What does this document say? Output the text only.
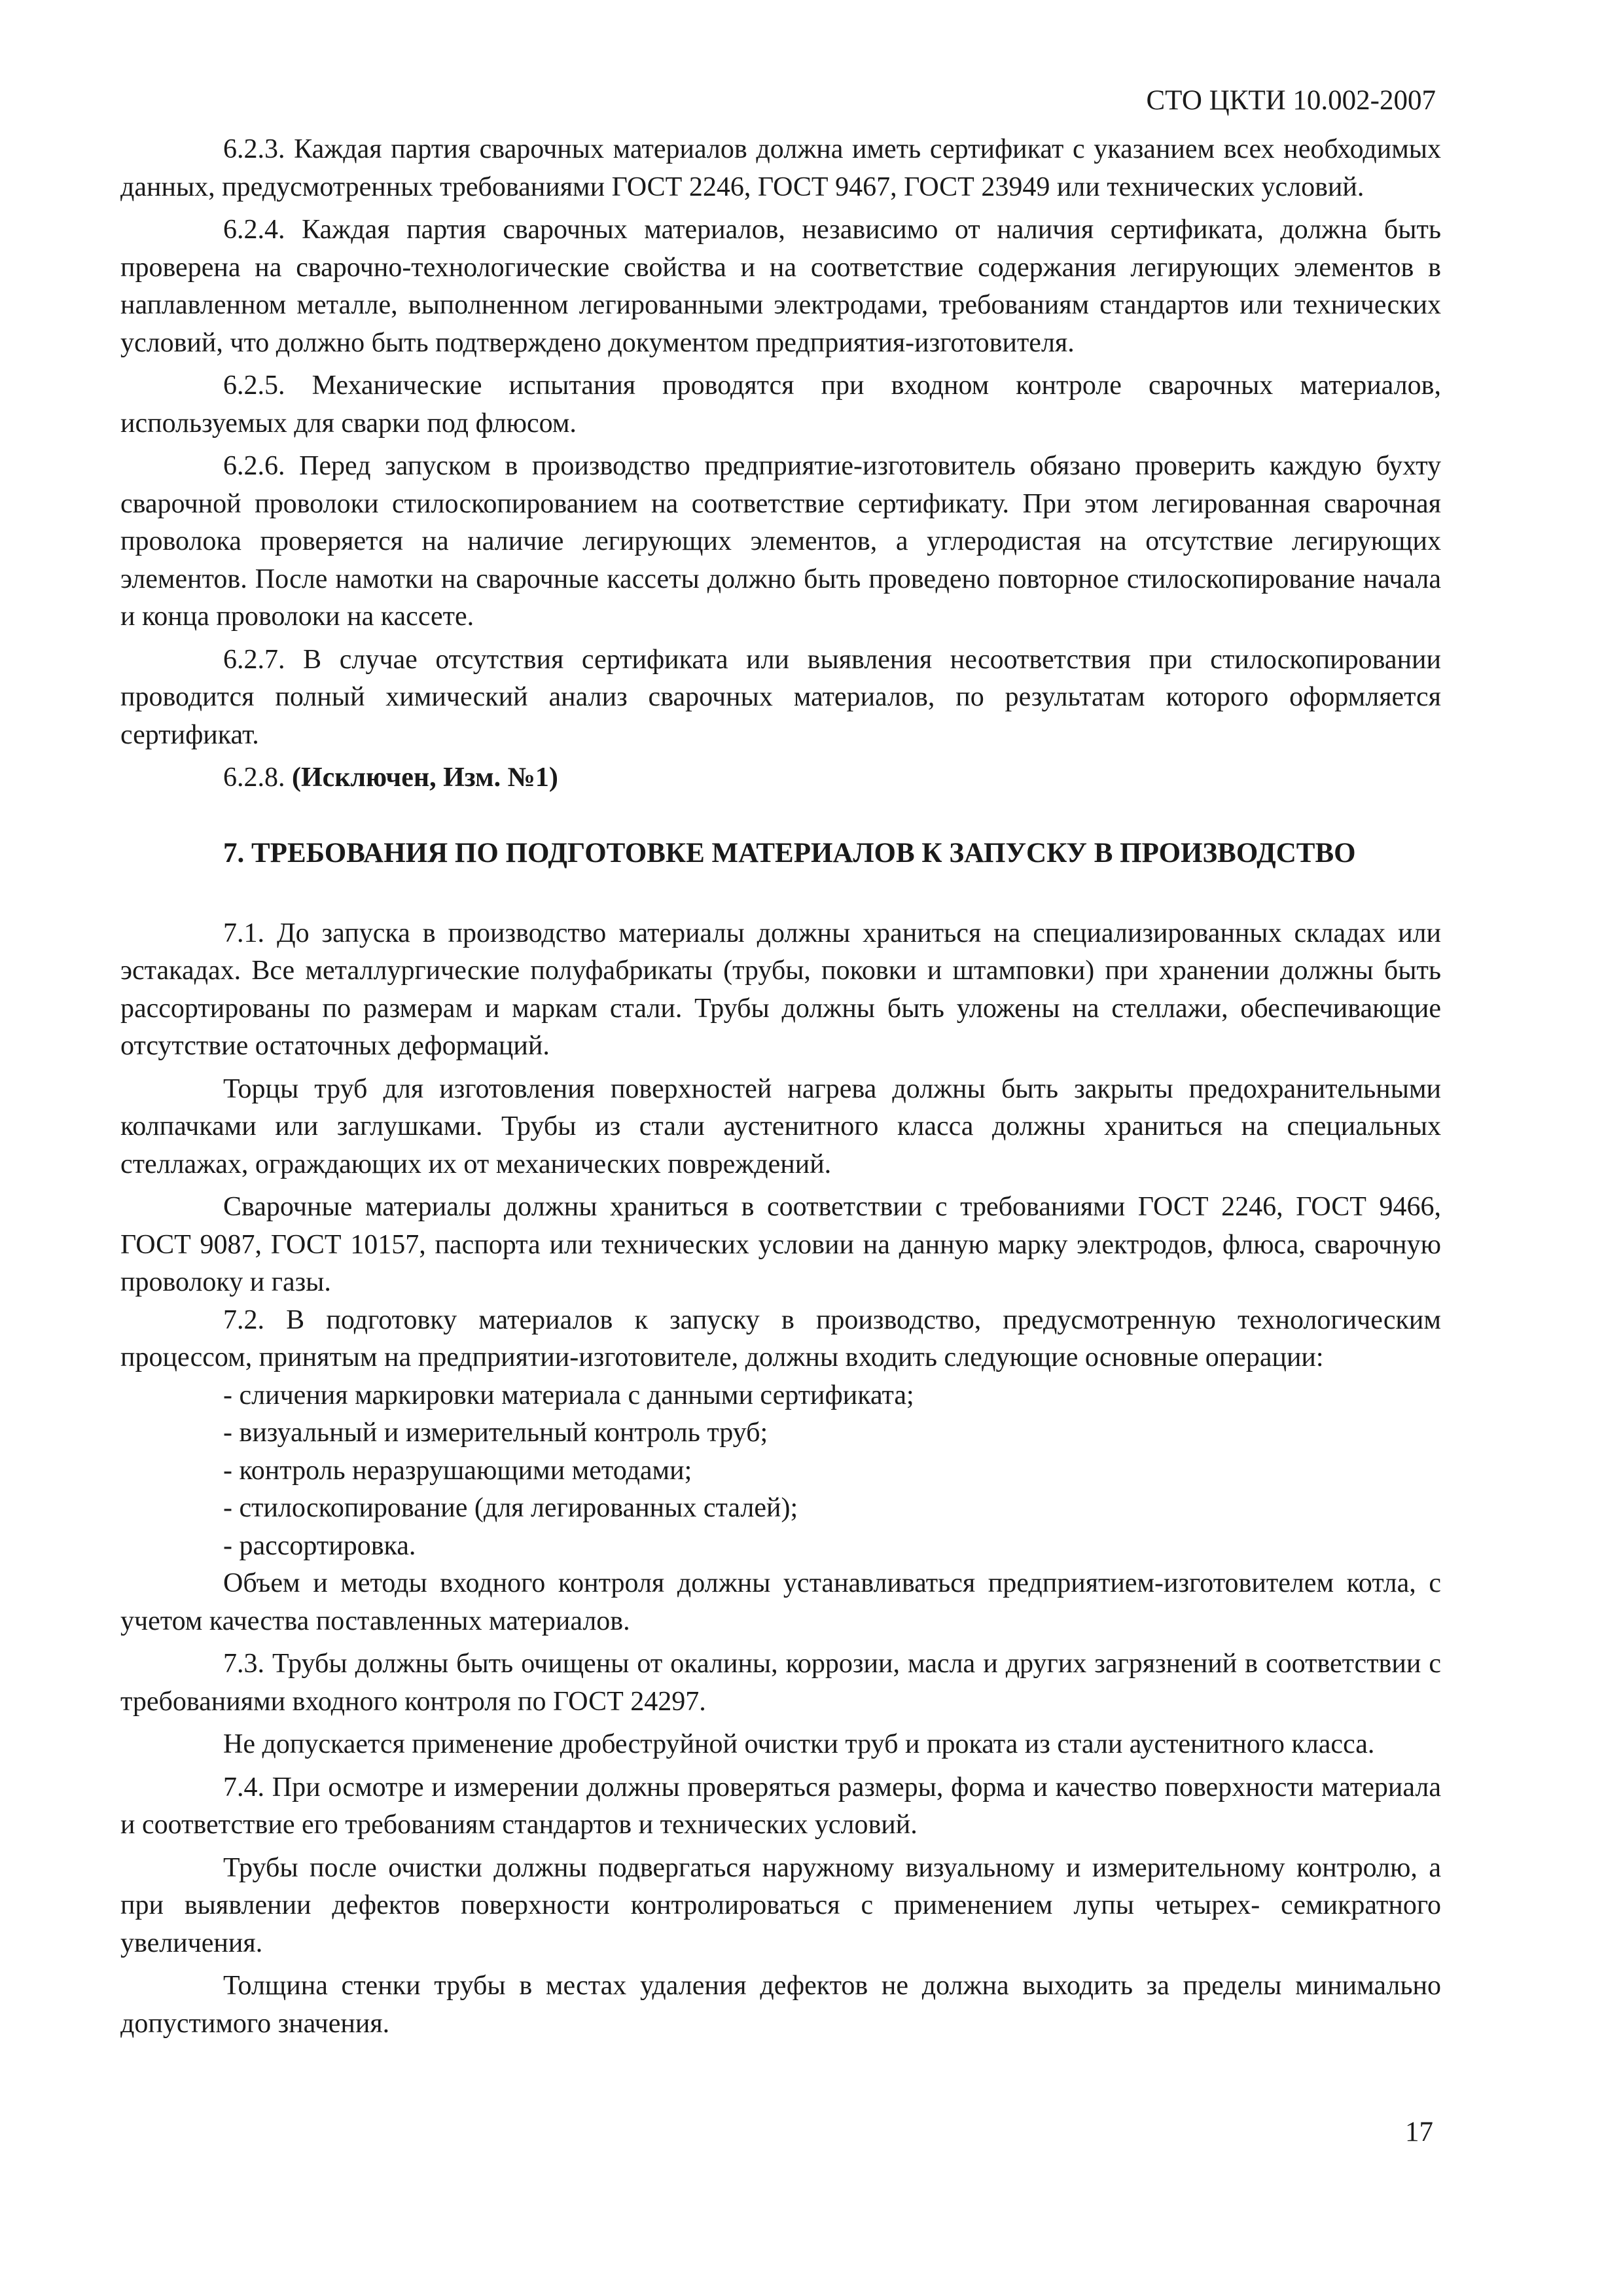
СТО ЦКТИ 10.002-2007

6.2.3. Каждая партия сварочных материалов должна иметь сертификат с указанием всех необходимых данных, предусмотренных требованиями ГОСТ 2246, ГОСТ 9467, ГОСТ 23949 или технических условий.

6.2.4. Каждая партия сварочных материалов, независимо от наличия сертификата, должна быть проверена на сварочно-технологические свойства и на соответствие содержания легирующих элементов в наплавленном металле, выполненном легированными электродами, требованиям стандартов или технических условий, что должно быть подтверждено документом предприятия-изготовителя.

6.2.5. Механические испытания проводятся при входном контроле сварочных материалов, используемых для сварки под флюсом.

6.2.6. Перед запуском в производство предприятие-изготовитель обязано проверить каждую бухту сварочной проволоки стилоскопированием на соответствие сертификату. При этом легированная сварочная проволока проверяется на наличие легирующих элементов, а углеродистая на отсутствие легирующих элементов. После намотки на сварочные кассеты должно быть проведено повторное стилоскопирование начала и конца проволоки на кассете.

6.2.7. В случае отсутствия сертификата или выявления несоответствия при стилоскопировании проводится полный химический анализ сварочных материалов, по результатам которого оформляется сертификат.

6.2.8. (Исключен, Изм. №1)

7. ТРЕБОВАНИЯ ПО ПОДГОТОВКЕ МАТЕРИАЛОВ К ЗАПУСКУ В ПРОИЗВОДСТВО

7.1. До запуска в производство материалы должны храниться на специализированных складах или эстакадах. Все металлургические полуфабрикаты (трубы, поковки и штамповки) при хранении должны быть рассортированы по размерам и маркам стали. Трубы должны быть уложены на стеллажи, обеспечивающие отсутствие остаточных деформаций.

Торцы труб для изготовления поверхностей нагрева должны быть закрыты предохранительными колпачками или заглушками. Трубы из стали аустенитного класса должны храниться на специальных стеллажах, ограждающих их от механических повреждений.

Сварочные материалы должны храниться в соответствии с требованиями ГОСТ 2246, ГОСТ 9466, ГОСТ 9087, ГОСТ 10157, паспорта или технических условии на данную марку электродов, флюса, сварочную проволоку и газы.

7.2. В подготовку материалов к запуску в производство, предусмотренную технологическим процессом, принятым на предприятии-изготовителе, должны входить следующие основные операции:

- сличения маркировки материала с данными сертификата;

- визуальный и измерительный контроль труб;

- контроль неразрушающими методами;

- стилоскопирование (для легированных сталей);

- рассортировка.

Объем и методы входного контроля должны устанавливаться предприятием-изготовителем котла, с учетом качества поставленных материалов.

7.3. Трубы должны быть очищены от окалины, коррозии, масла и других загрязнений в соответствии с требованиями входного контроля по ГОСТ 24297.

Не допускается применение дробеструйной очистки труб и проката из стали аустенитного класса.

7.4. При осмотре и измерении должны проверяться размеры, форма и качество поверхности материала и соответствие его требованиям стандартов и технических условий.

Трубы после очистки должны подвергаться наружному визуальному и измерительному контролю, а при выявлении дефектов поверхности контролироваться с применением лупы четырех- семикратного увеличения.

Толщина стенки трубы в местах удаления дефектов не должна выходить за пределы минимально допустимого значения.

17
